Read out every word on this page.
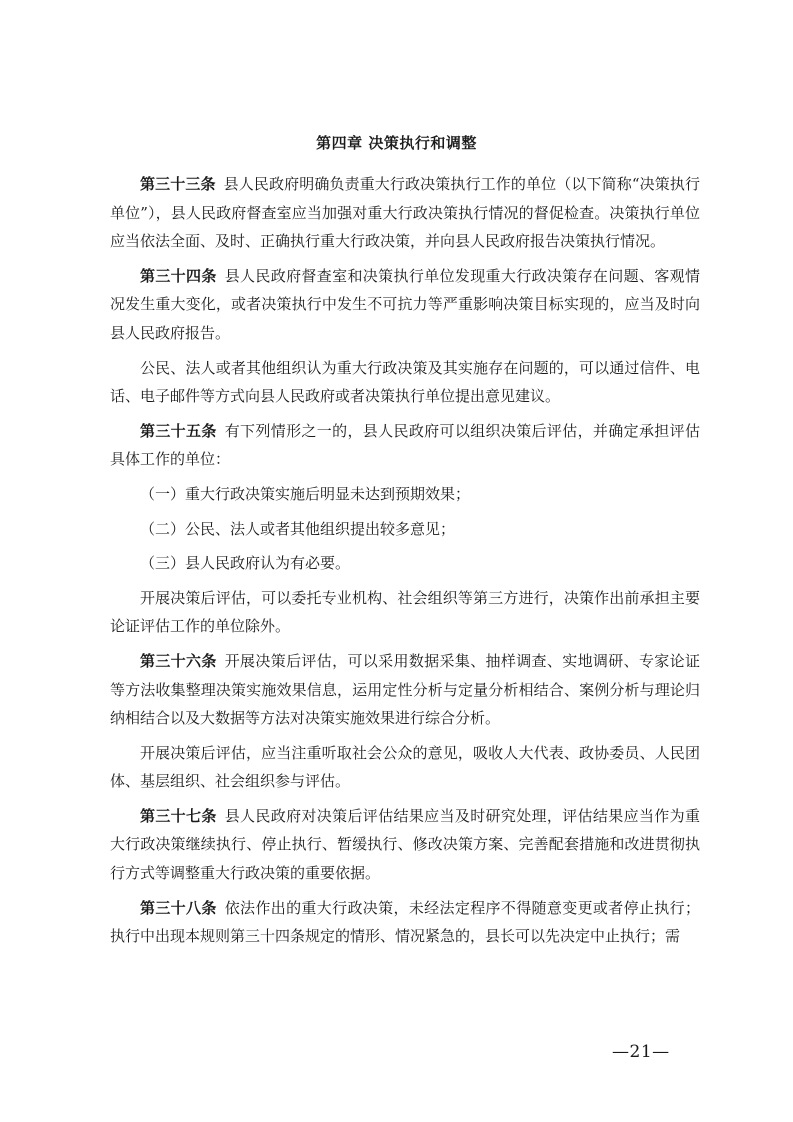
第四章 决策执行和调整

第三十三条 县人民政府明确负责重大行政决策执行工作的单位（以下简称“决策执行单位”），县人民政府督查室应当加强对重大行政决策执行情况的督促检查。决策执行单位应当依法全面、及时、正确执行重大行政决策，并向县人民政府报告决策执行情况。

第三十四条 县人民政府督查室和决策执行单位发现重大行政决策存在问题、客观情况发生重大变化，或者决策执行中发生不可抗力等严重影响决策目标实现的，应当及时向县人民政府报告。

公民、法人或者其他组织认为重大行政决策及其实施存在问题的，可以通过信件、电话、电子邮件等方式向县人民政府或者决策执行单位提出意见建议。

第三十五条 有下列情形之一的，县人民政府可以组织决策后评估，并确定承担评估具体工作的单位：

（一）重大行政决策实施后明显未达到预期效果；

（二）公民、法人或者其他组织提出较多意见；

（三）县人民政府认为有必要。

开展决策后评估，可以委托专业机构、社会组织等第三方进行，决策作出前承担主要论证评估工作的单位除外。

第三十六条 开展决策后评估，可以采用数据采集、抽样调查、实地调研、专家论证等方法收集整理决策实施效果信息，运用定性分析与定量分析相结合、案例分析与理论归纳相结合以及大数据等方法对决策实施效果进行综合分析。

开展决策后评估，应当注重听取社会公众的意见，吸收人大代表、政协委员、人民团体、基层组织、社会组织参与评估。

第三十七条 县人民政府对决策后评估结果应当及时研究处理，评估结果应当作为重大行政决策继续执行、停止执行、暂缓执行、修改决策方案、完善配套措施和改进贯彻执行方式等调整重大行政决策的重要依据。

第三十八条 依法作出的重大行政决策，未经法定程序不得随意变更或者停止执行；执行中出现本规则第三十四条规定的情形、情况紧急的，县长可以先决定中止执行；需

—21—
